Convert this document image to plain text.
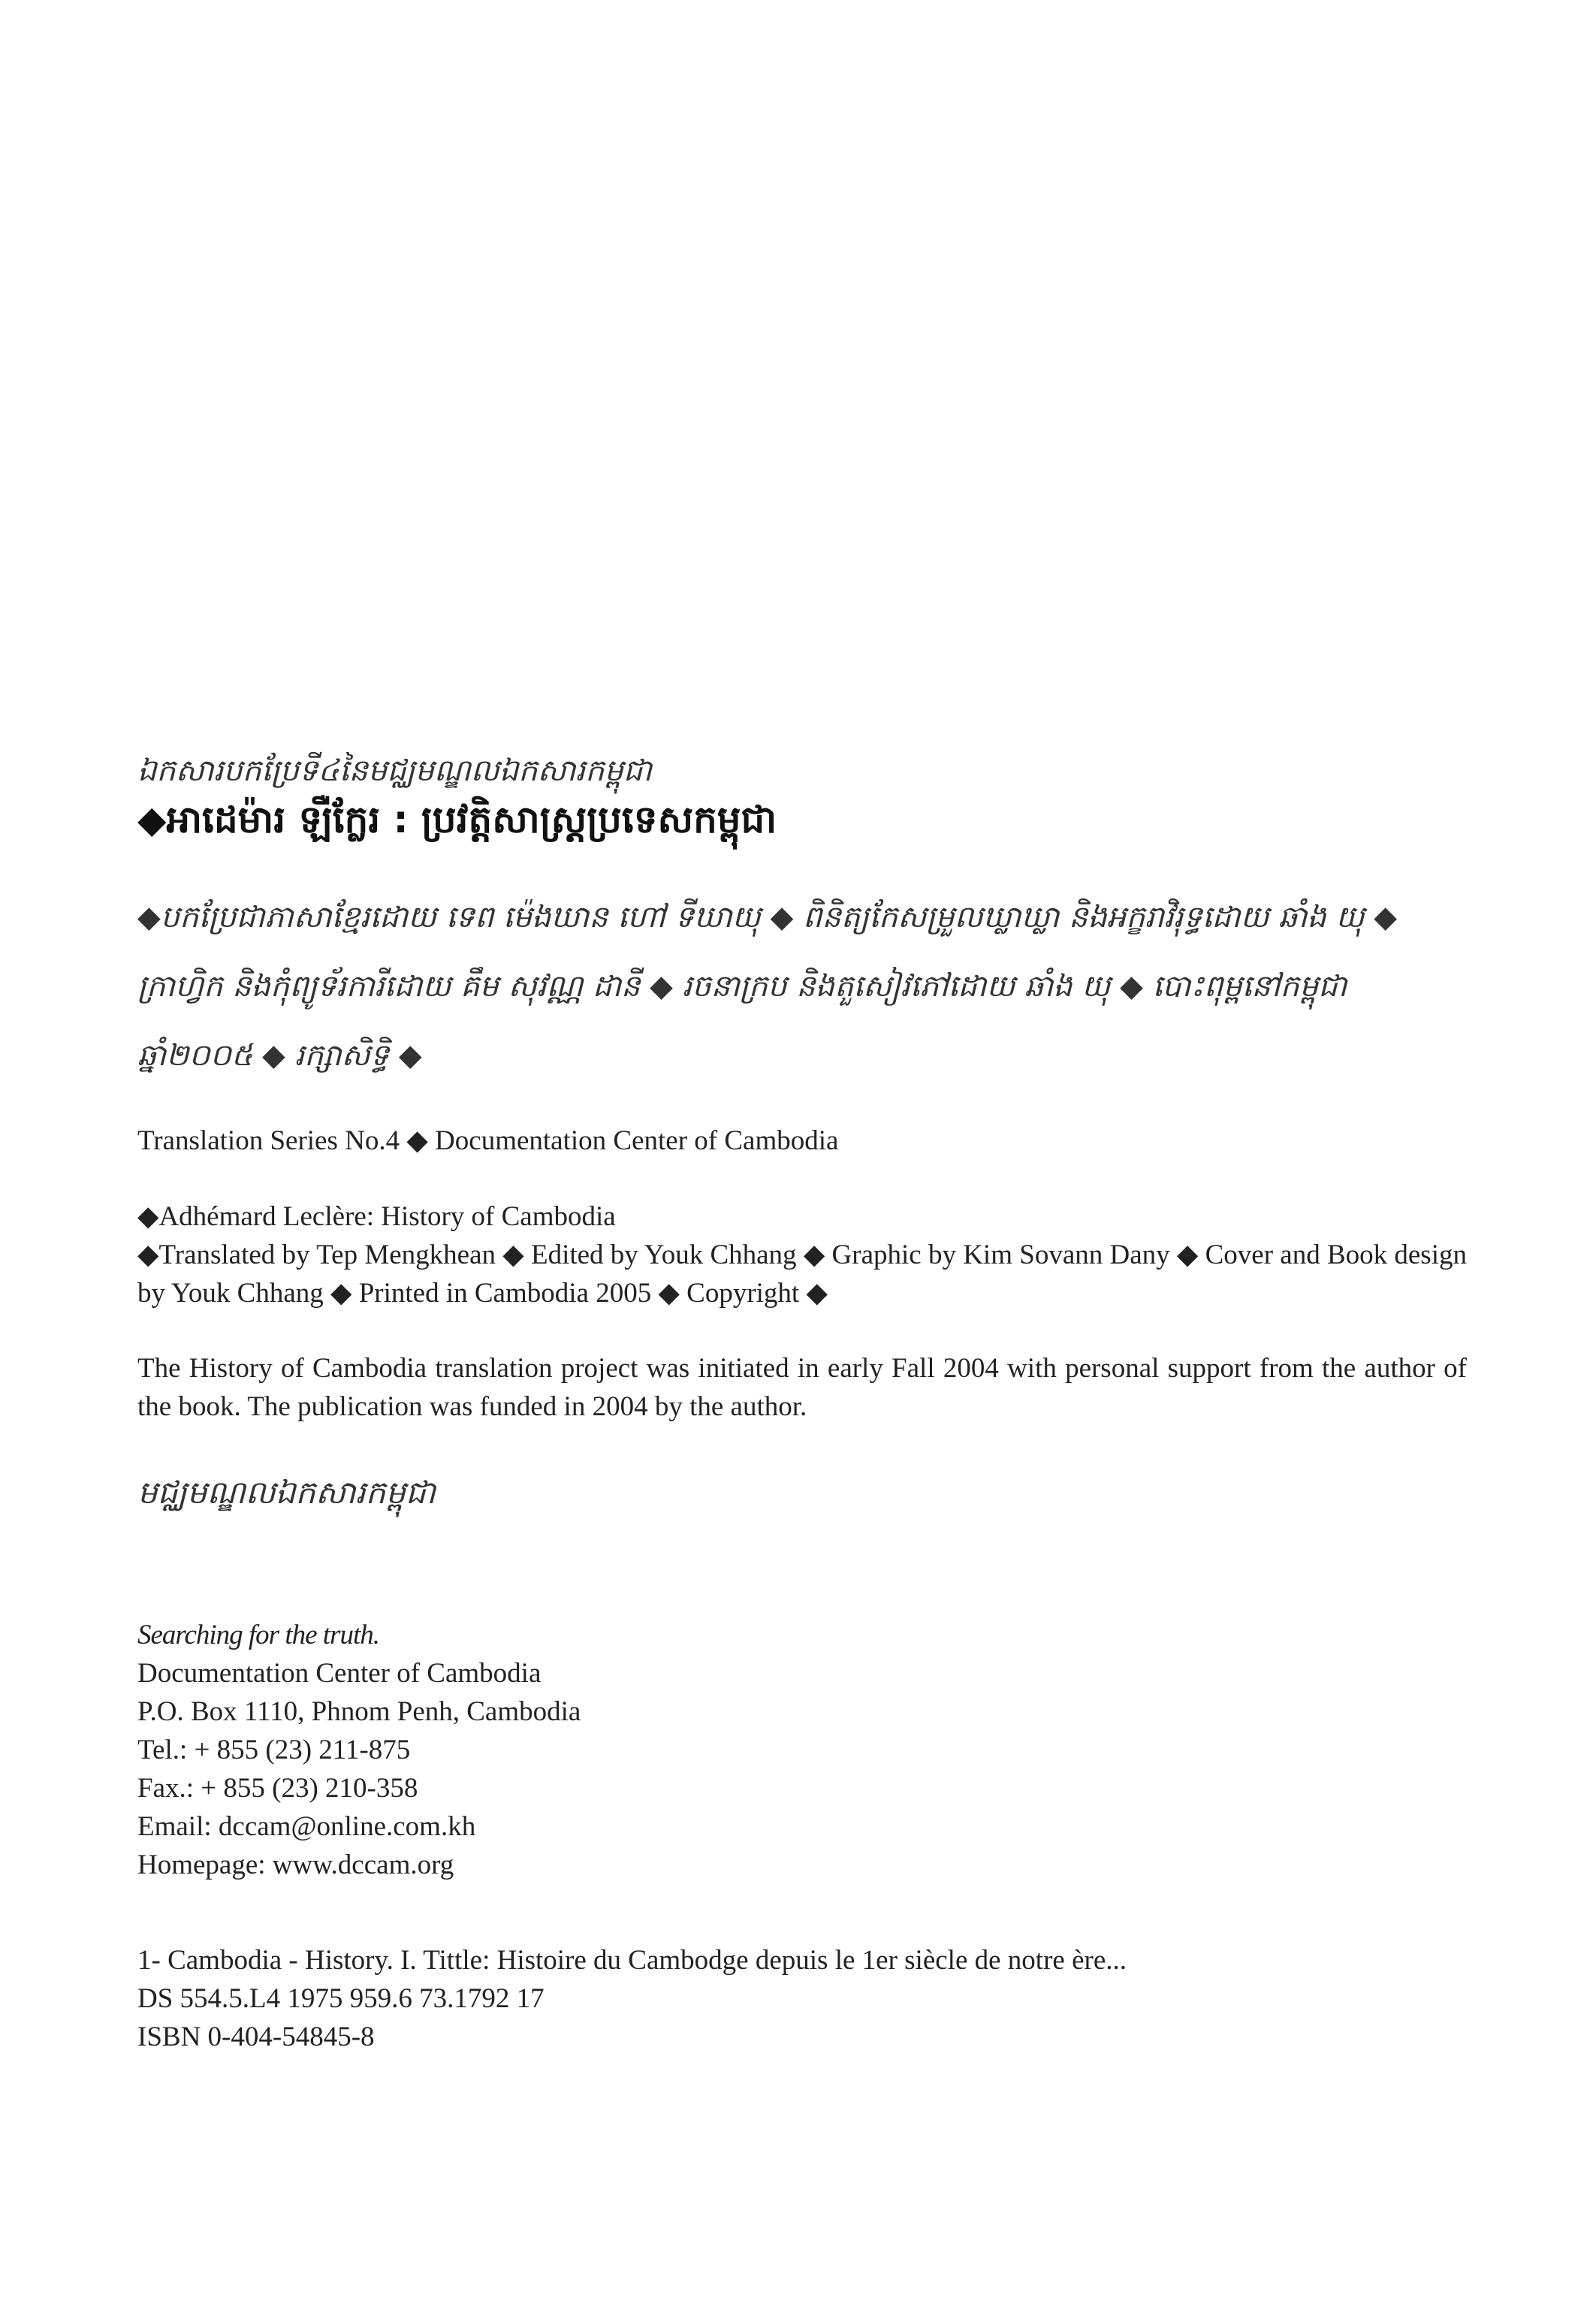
ឯកសារបកប្រែទី៤នៃមជ្ឈមណ្ឌលឯកសារកម្ពុជា

◆អាដេម៉ារ ឡឺក្លែរ : ប្រវត្តិសាស្ត្រប្រទេសកម្ពុជា

◆បកប្រែជាភាសាខ្មែរដោយ ទេព ម៉េងឃាន ហៅ ទីឃាយុ ◆ ពិនិត្យកែសម្រួលឃ្លាឃ្លា និងអក្ខរាវិរុទ្ធដោយ ឆាំង យុ ◆ ក្រាហ្វិក និងកុំព្យូទ័រការីដោយ គឹម សុវណ្ណ ដានី ◆ រចនាក្រប និងតួសៀវភៅដោយ ឆាំង យុ ◆ បោះពុម្ពនៅកម្ពុជា ឆ្នាំ២០០៥ ◆ រក្សាសិទ្ធិ ◆

Translation Series No.4 ◆ Documentation Center of Cambodia

◆Adhémard Leclère: History of Cambodia

◆Translated by Tep Mengkhean ◆ Edited by Youk Chhang ◆ Graphic by Kim Sovann Dany ◆ Cover and Book design by Youk Chhang ◆ Printed in Cambodia 2005 ◆ Copyright ◆

The History of Cambodia translation project was initiated in early Fall 2004 with personal support from the author of the book. The publication was funded in 2004 by the author.

មជ្ឈមណ្ឌលឯកសារកម្ពុជា

Searching for the truth.

Documentation Center of Cambodia

P.O. Box 1110, Phnom Penh, Cambodia

Tel.: + 855 (23) 211-875

Fax.: + 855 (23) 210-358

Email: dccam@online.com.kh

Homepage: www.dccam.org

1- Cambodia - History. I. Tittle: Histoire du Cambodge depuis le 1er siècle de notre ère...

DS 554.5.L4 1975 959.6 73.1792 17

ISBN 0-404-54845-8
